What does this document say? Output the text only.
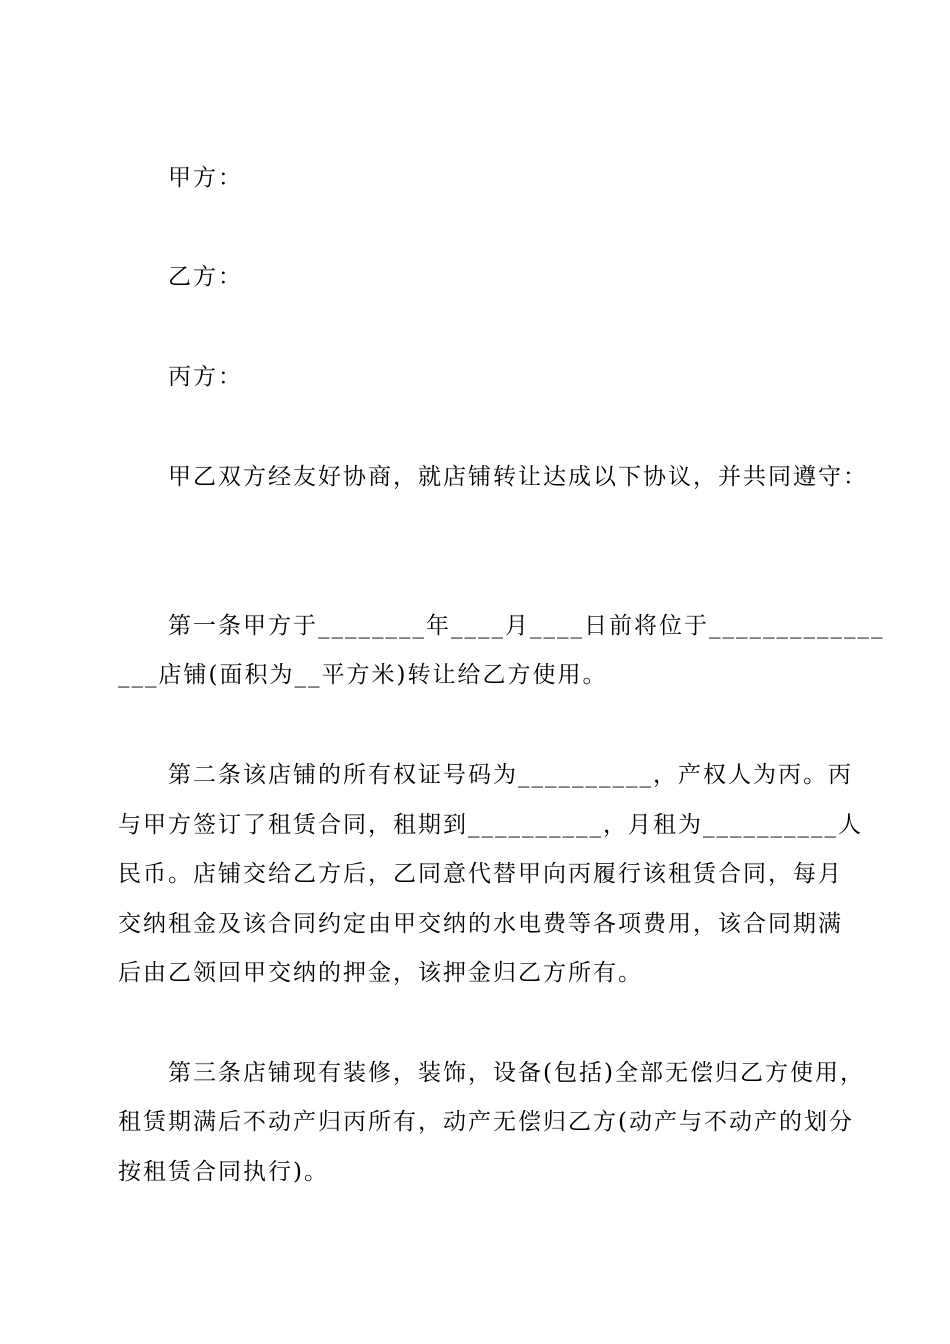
甲方：
乙方：
丙方：
甲乙双方经友好协商，就店铺转让达成以下协议，并共同遵守：
第一条甲方于________年____月____日前将位于_____________
___店铺(面积为__平方米)转让给乙方使用。
第二条该店铺的所有权证号码为__________，产权人为丙。丙
与甲方签订了租赁合同，租期到__________，月租为__________人
民币。店铺交给乙方后，乙同意代替甲向丙履行该租赁合同，每月
交纳租金及该合同约定由甲交纳的水电费等各项费用，该合同期满
后由乙领回甲交纳的押金，该押金归乙方所有。
第三条店铺现有装修，装饰，设备(包括)全部无偿归乙方使用，
租赁期满后不动产归丙所有，动产无偿归乙方(动产与不动产的划分
按租赁合同执行)。
